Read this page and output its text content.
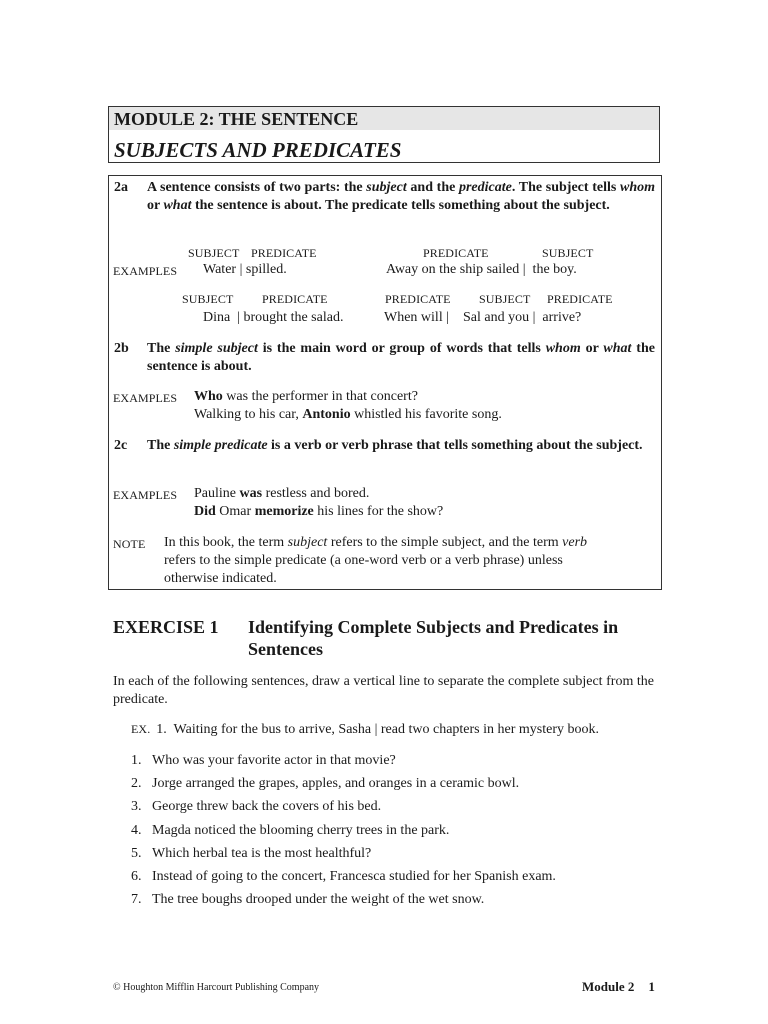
MODULE 2: THE SENTENCE
SUBJECTS AND PREDICATES
2a A sentence consists of two parts: the subject and the predicate. The subject tells whom or what the sentence is about. The predicate tells something about the subject.
SUBJECT PREDICATE	PREDICATE	SUBJECT
EXAMPLES Water | spilled.	Away on the ship sailed |  the boy.
SUBJECT PREDICATE	PREDICATE SUBJECT PREDICATE
Dina  | brought the salad.	When will |    Sal and you |  arrive?
2b The simple subject is the main word or group of words that tells whom or what the sentence is about.
EXAMPLES Who was the performer in that concert?
Walking to his car, Antonio whistled his favorite song.
2c The simple predicate is a verb or verb phrase that tells something about the subject.
EXAMPLES Pauline was restless and bored.
Did Omar memorize his lines for the show?
NOTE In this book, the term subject refers to the simple subject, and the term verb refers to the simple predicate (a one-word verb or a verb phrase) unless otherwise indicated.
EXERCISE 1 Identifying Complete Subjects and Predicates in Sentences
In each of the following sentences, draw a vertical line to separate the complete subject from the predicate.
EX. 1.  Waiting for the bus to arrive, Sasha | read two chapters in her mystery book.
1. Who was your favorite actor in that movie?
2. Jorge arranged the grapes, apples, and oranges in a ceramic bowl.
3. George threw back the covers of his bed.
4. Magda noticed the blooming cherry trees in the park.
5. Which herbal tea is the most healthful?
6. Instead of going to the concert, Francesca studied for her Spanish exam.
7. The tree boughs drooped under the weight of the wet snow.
© Houghton Mifflin Harcourt Publishing Company	Module 2 1
